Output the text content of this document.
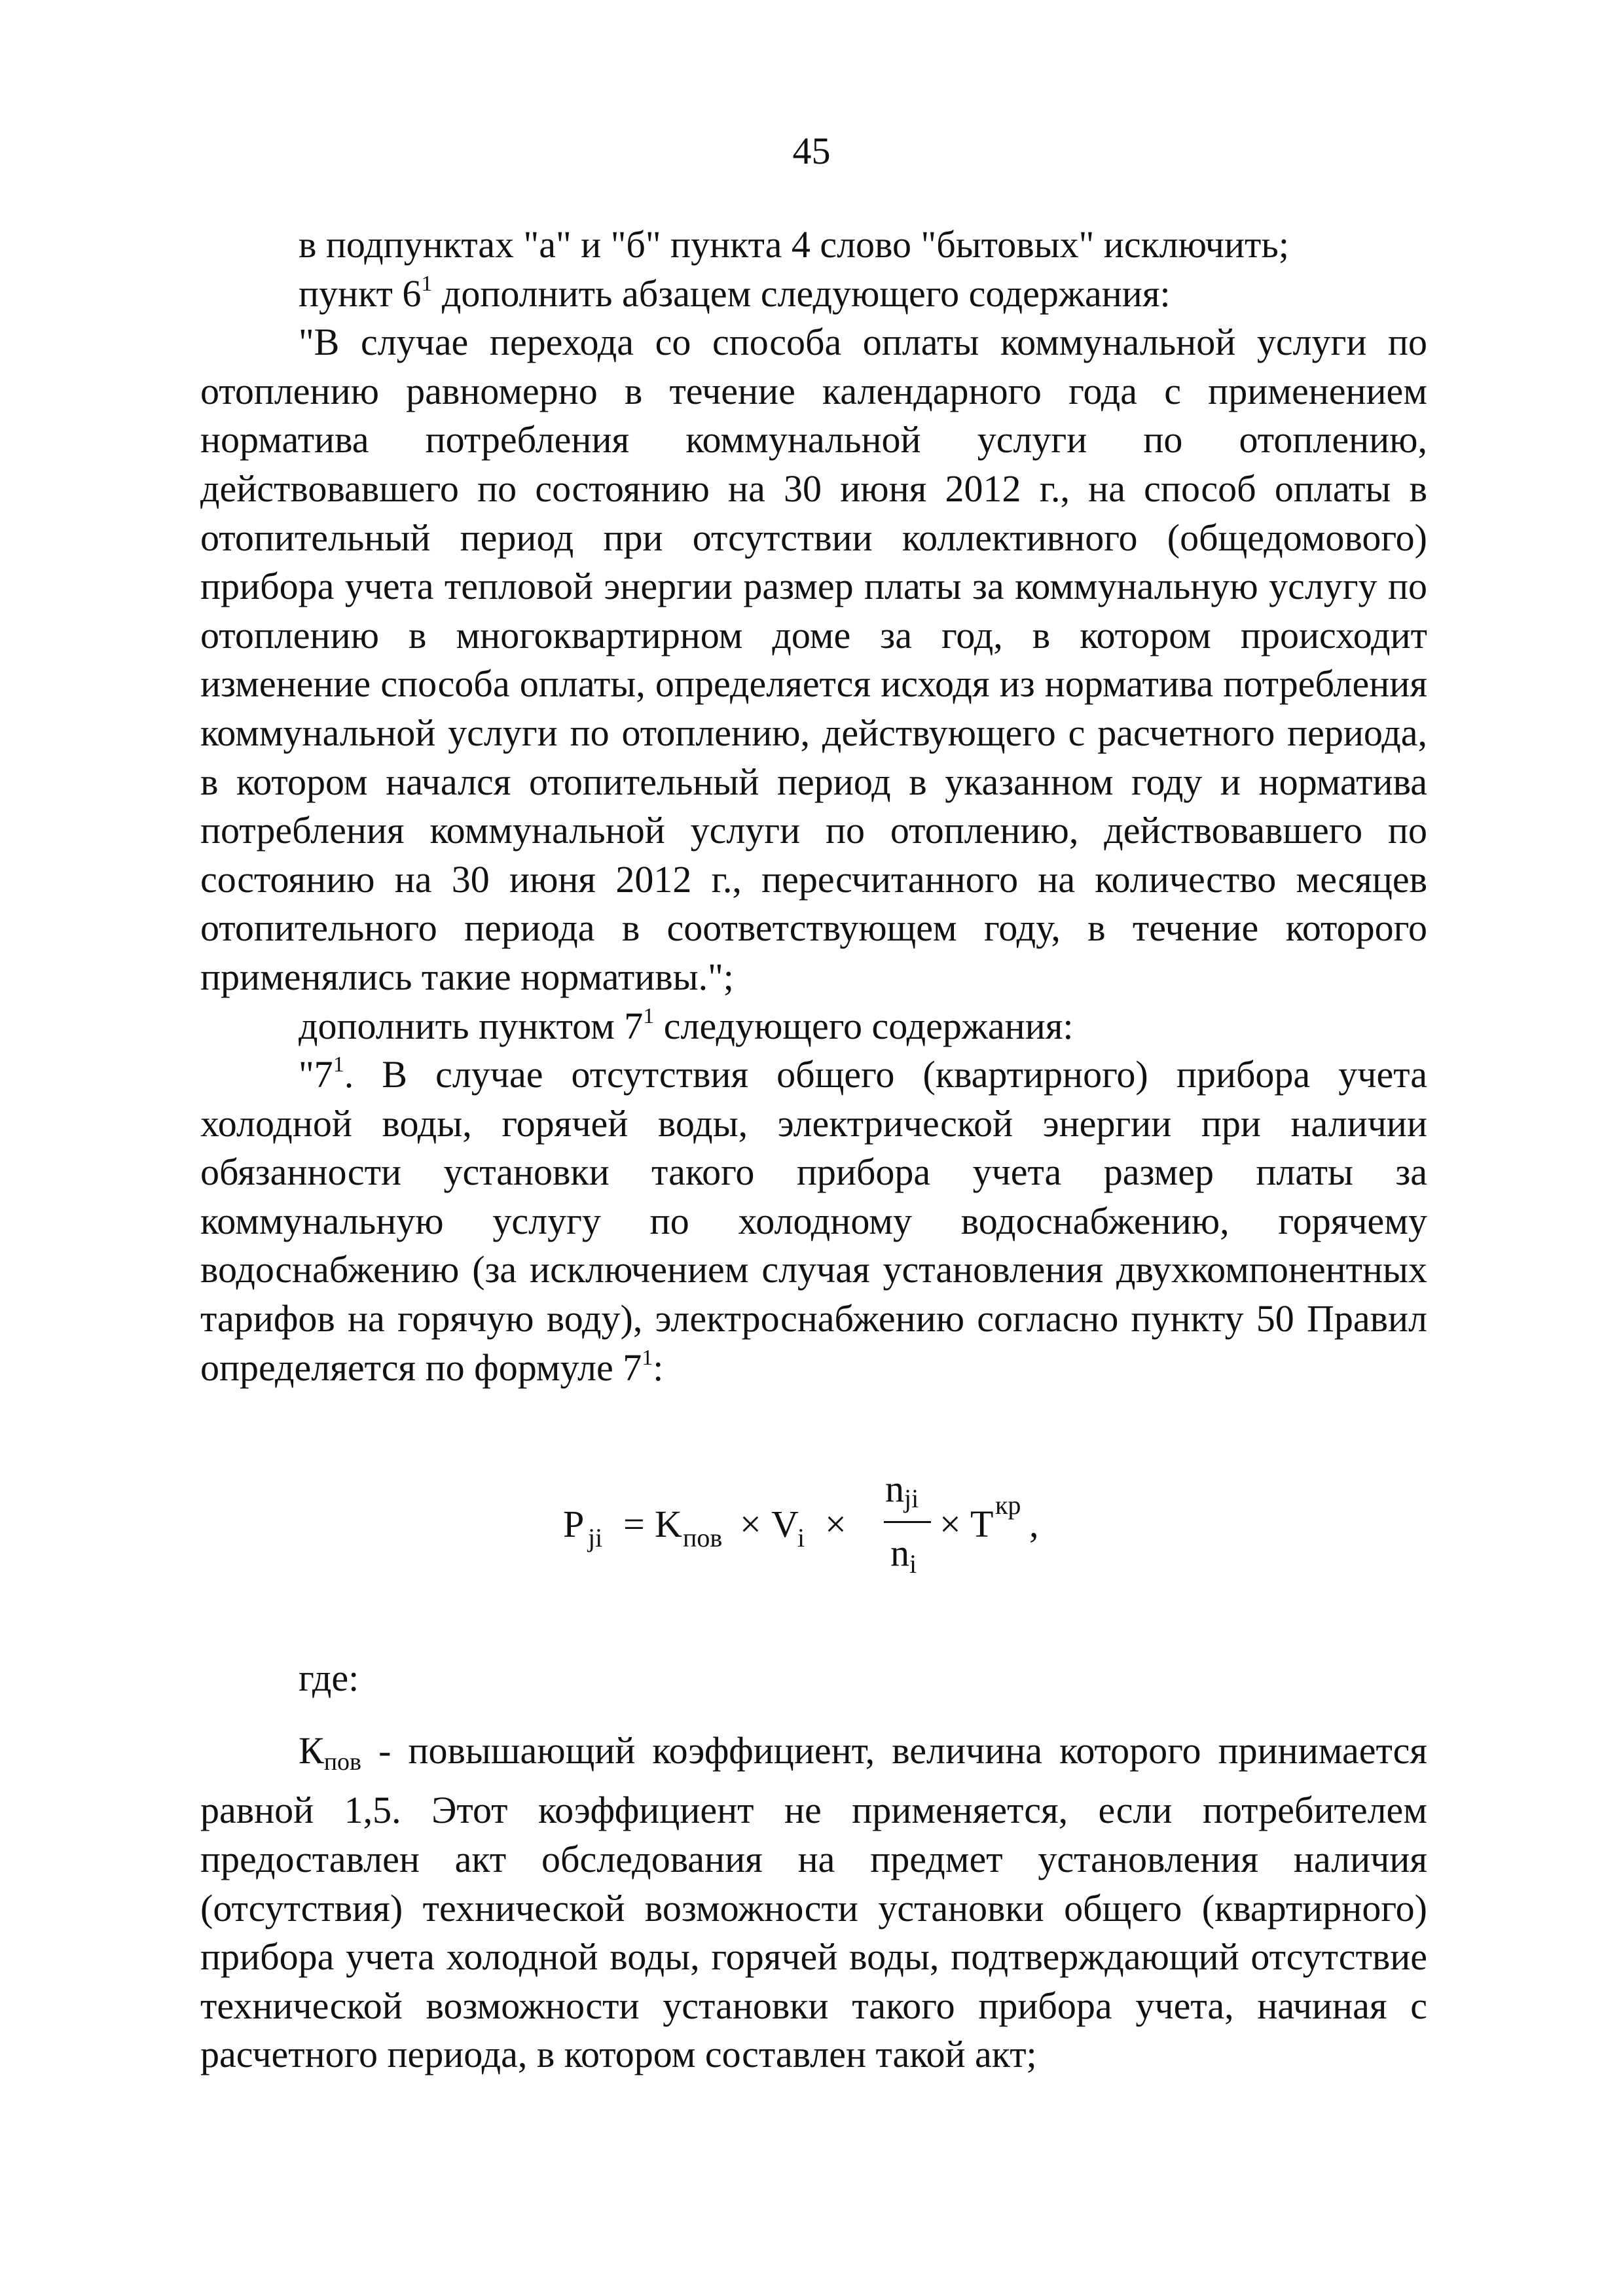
45

в подпунктах "а" и "б" пункта 4 слово "бытовых" исключить;

пункт $6^1$ дополнить абзацем следующего содержания:

"В случае перехода со способа оплаты коммунальной услуги по отоплению равномерно в течение календарного года с применением норматива потребления коммунальной услуги по отоплению, действовавшего по состоянию на 30 июня 2012 г., на способ оплаты в отопительный период при отсутствии коллективного (общедомового) прибора учета тепловой энергии размер платы за коммунальную услугу по отоплению в многоквартирном доме за год, в котором происходит изменение способа оплаты, определяется исходя из норматива потребления коммунальной услуги по отоплению, действующего с расчетного периода, в котором начался отопительный период в указанном году и норматива потребления коммунальной услуги по отоплению, действовавшего по состоянию на 30 июня 2012 г., пересчитанного на количество месяцев отопительного периода в соответствующем году, в течение которого применялись такие нормативы.";

дополнить пунктом $7^1$ следующего содержания:

"$7^1$. В случае отсутствия общего (квартирного) прибора учета холодной воды, горячей воды, электрической энергии при наличии обязанности установки такого прибора учета размер платы за коммунальную услугу по холодному водоснабжению, горячему водоснабжению (за исключением случая установления двухкомпонентных тарифов на горячую воду), электроснабжению согласно пункту 50 Правил определяется по формуле $7^1$:

где:

Кпов - повышающий коэффициент, величина которого принимается равной 1,5. Этот коэффициент не применяется, если потребителем предоставлен акт обследования на предмет установления наличия (отсутствия) технической возможности установки общего (квартирного) прибора учета холодной воды, горячей воды, подтверждающий отсутствие технической возможности установки такого прибора учета, начиная с расчетного периода, в котором составлен такой акт;

P ji = K пов × V
i ×
n ji
n i
× T кр ,
